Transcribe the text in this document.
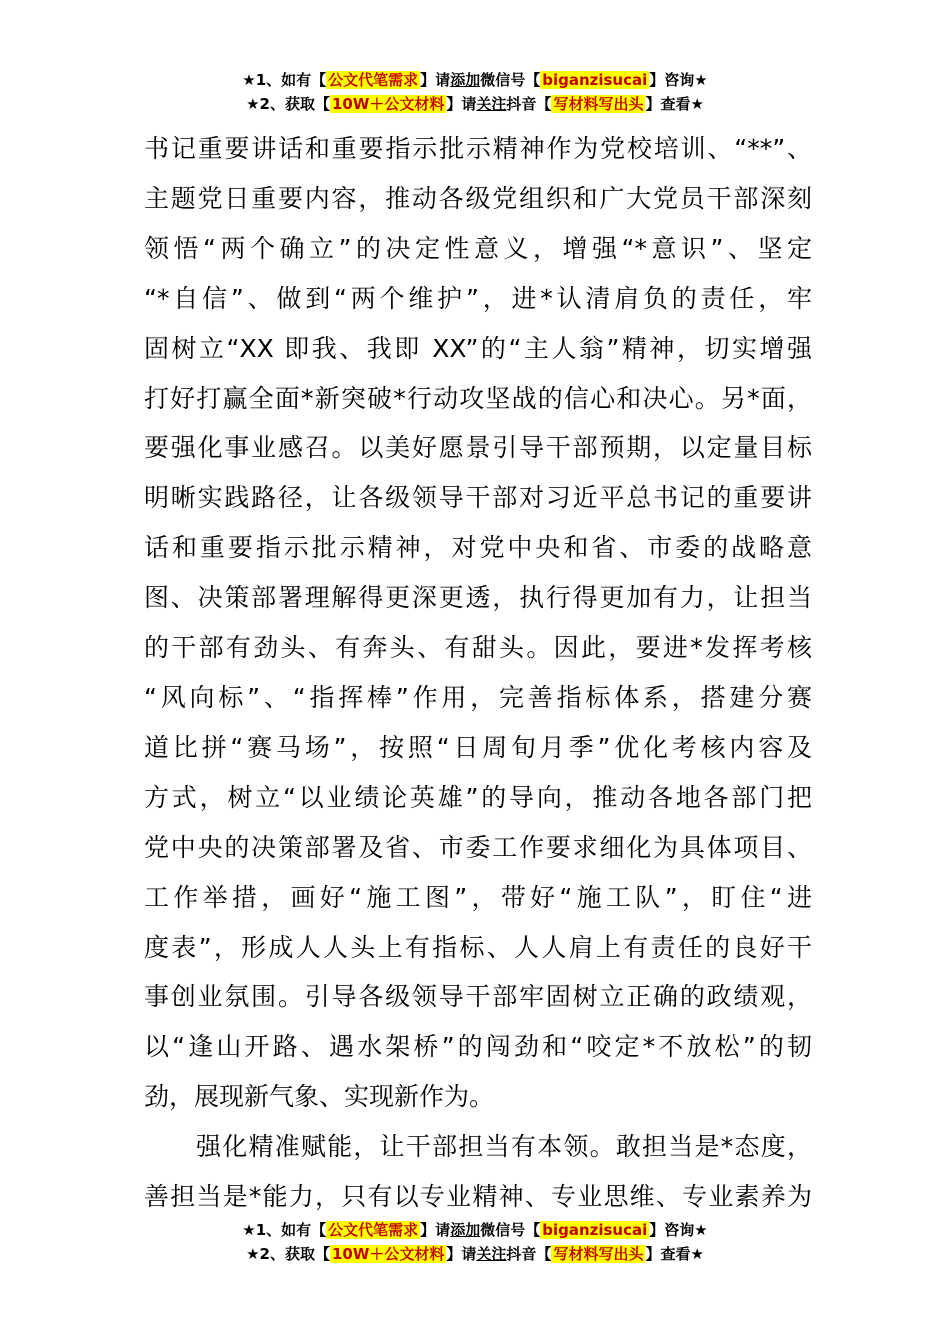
★1、如有【 公文代笔需求 】请添加微信号【 biganzisucai 】咨询★
★2、获取【 10W＋公文材料 】请关注抖音【 写材料写出头 】查看★
书记重要讲话和重要指示批示精神作为党校培训、“**”、
主题党日重要内容，推动各级党组织和广大党员干部深刻
领悟“两个确立”的决定性意义，增强“*意识”、坚定
“*自信”、做到“两个维护”，进*认清肩负的责任，牢
固树立“XX 即我、我即 XX”的“主人翁”精神，切实增强
打好打赢全面*新突破*行动攻坚战的信心和决心。另*面，
要强化事业感召。以美好愿景引导干部预期，以定量目标
明晰实践路径，让各级领导干部对习近平总书记的重要讲
话和重要指示批示精神，对党中央和省、市委的战略意
图、决策部署理解得更深更透，执行得更加有力，让担当
的干部有劲头、有奔头、有甜头。因此，要进*发挥考核
“风向标”、“指挥棒”作用，完善指标体系，搭建分赛
道比拼“赛马场”，按照“日周旬月季”优化考核内容及
方式，树立“以业绩论英雄”的导向，推动各地各部门把
党中央的决策部署及省、市委工作要求细化为具体项目、
工作举措，画好“施工图”，带好“施工队”，盯住“进
度表”，形成人人头上有指标、人人肩上有责任的良好干
事创业氛围。引导各级领导干部牢固树立正确的政绩观，
以“逢山开路、遇水架桥”的闯劲和“咬定*不放松”的韧
劲，展现新气象、实现新作为。
强化精准赋能，让干部担当有本领。敢担当是*态度，
善担当是*能力，只有以专业精神、专业思维、专业素养为
★1、如有【 公文代笔需求 】请添加微信号【 biganzisucai 】咨询★
★2、获取【 10W＋公文材料 】请关注抖音【 写材料写出头 】查看★
